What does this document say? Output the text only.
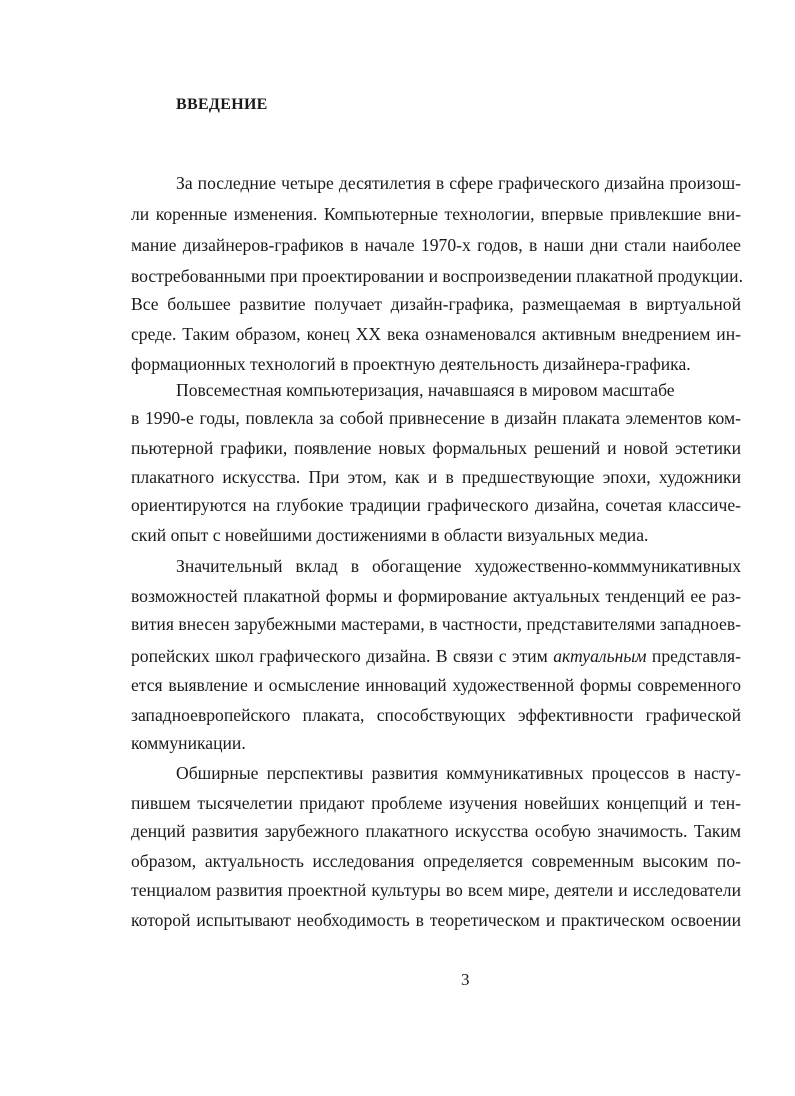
ВВЕДЕНИЕ

За последние четыре десятилетия в сфере графического дизайна произош-

ли коренные изменения. Компьютерные технологии, впервые привлекшие вни-

мание дизайнеров-графиков в начале 1970-х годов, в наши дни стали наиболее

востребованными при проектировании и воспроизведении плакатной продукции.

Все большее развитие получает дизайн-графика, размещаемая в виртуальной

среде. Таким образом, конец XX века ознаменовался активным внедрением ин-

формационных технологий в проектную деятельность дизайнера-графика.

Повсеместная компьютеризация, начавшаяся в мировом масштабе

в 1990-е годы, повлекла за собой привнесение в дизайн плаката элементов ком-

пьютерной графики, появление новых формальных решений и новой эстетики

плакатного искусства. При этом, как и в предшествующие эпохи, художники

ориентируются на глубокие традиции графического дизайна, сочетая классиче-

ский опыт с новейшими достижениями в области визуальных медиа.

Значительный вклад в обогащение художественно-комммуникативных

возможностей плакатной формы и формирование актуальных тенденций ее раз-

вития внесен зарубежными мастерами, в частности, представителями западноев-

ропейских школ графического дизайна. В связи с этим актуальным представля-

ется выявление и осмысление инноваций художественной формы современного

западноевропейского плаката, способствующих эффективности графической

коммуникации.

Обширные перспективы развития коммуникативных процессов в насту-

пившем тысячелетии придают проблеме изучения новейших концепций и тен-

денций развития зарубежного плакатного искусства особую значимость. Таким

образом, актуальность исследования определяется современным высоким по-

тенциалом развития проектной культуры во всем мире, деятели и исследователи

которой испытывают необходимость в теоретическом и практическом освоении

3
